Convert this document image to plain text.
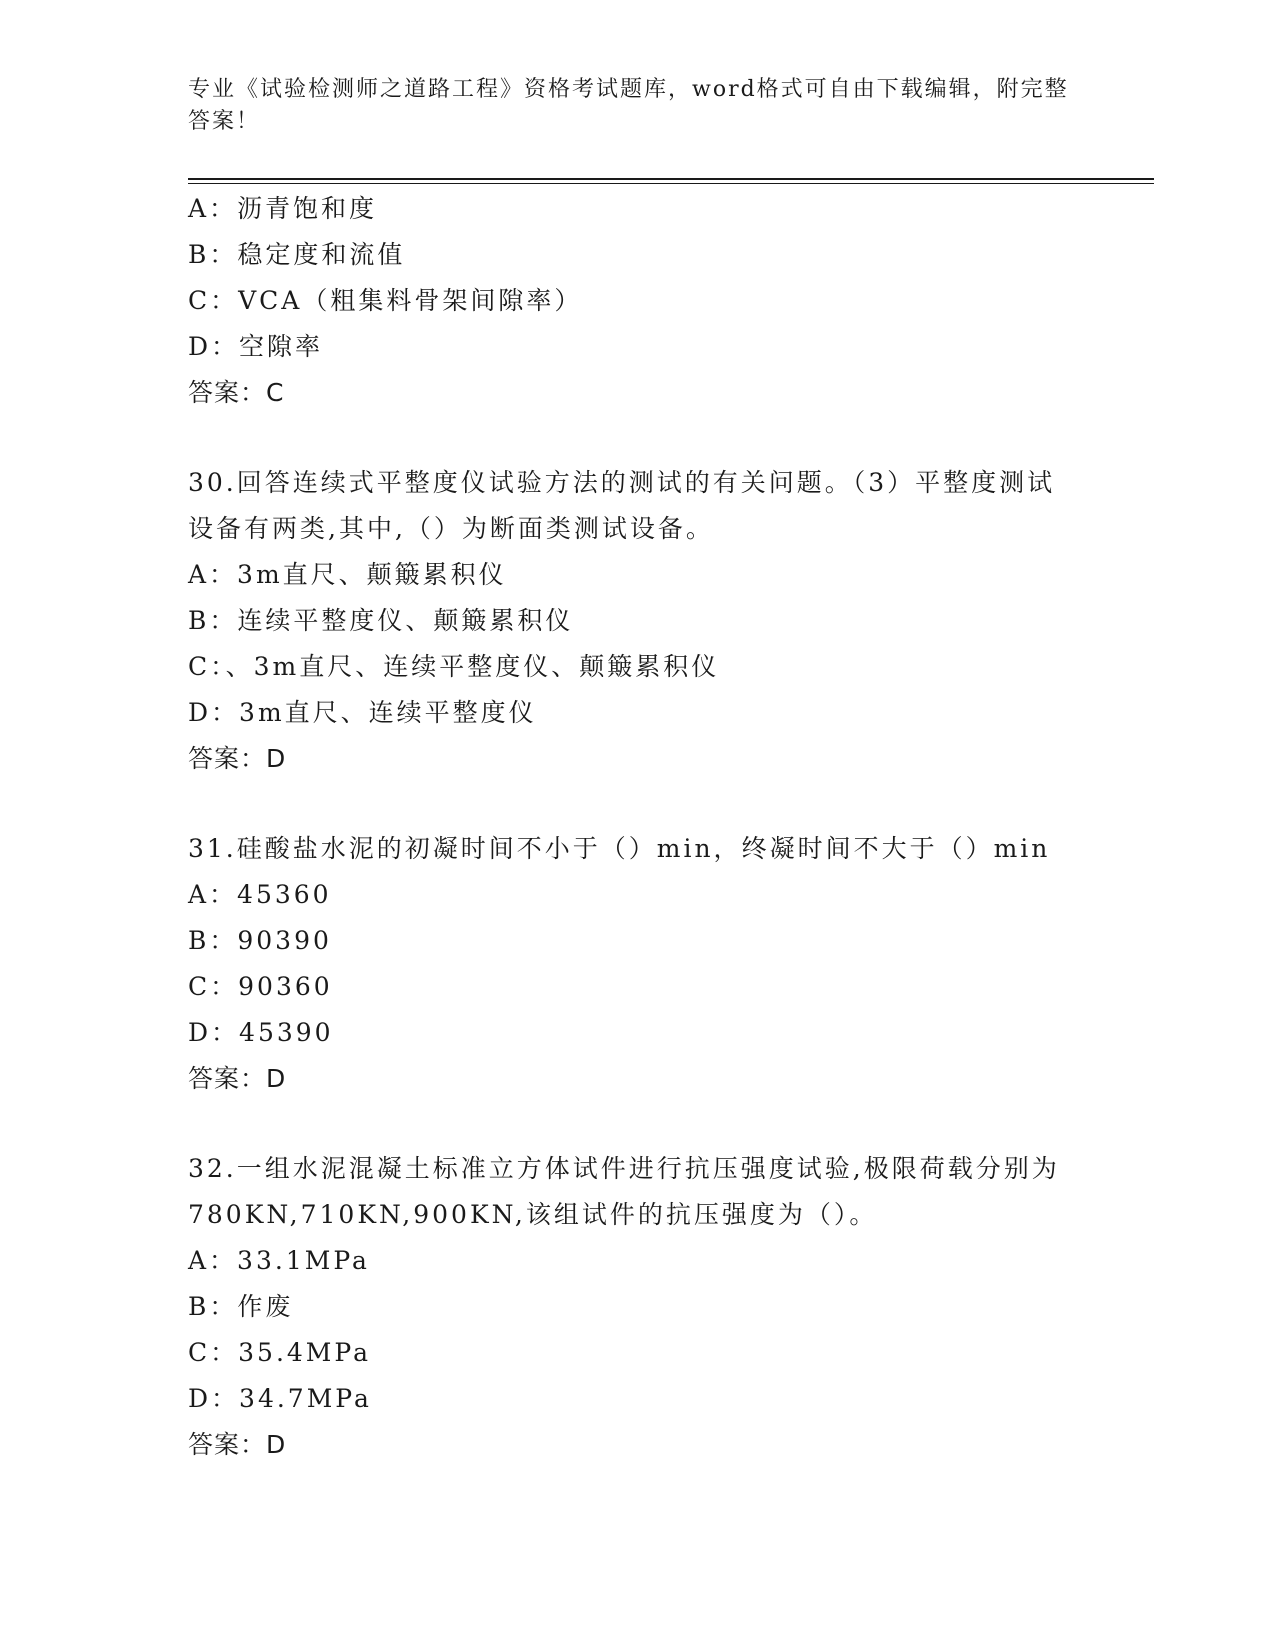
专业《试验检测师之道路工程》资格考试题库，word格式可自由下载编辑，附完整答案！
A：沥青饱和度
B：稳定度和流值
C：VCA（粗集料骨架间隙率）
D：空隙率
答案：C
30.回答连续式平整度仪试验方法的测试的有关问题。（3）平整度测试设备有两类,其中,（）为断面类测试设备。
A：3m直尺、颠簸累积仪
B：连续平整度仪、颠簸累积仪
C：、3m直尺、连续平整度仪、颠簸累积仪
D：3m直尺、连续平整度仪
答案：D
31.硅酸盐水泥的初凝时间不小于（）min，终凝时间不大于（）min
A：45360
B：90390
C：90360
D：45390
答案：D
32.一组水泥混凝土标准立方体试件进行抗压强度试验,极限荷载分别为780KN,710KN,900KN,该组试件的抗压强度为（）。
A：33.1MPa
B：作废
C：35.4MPa
D：34.7MPa
答案：D
